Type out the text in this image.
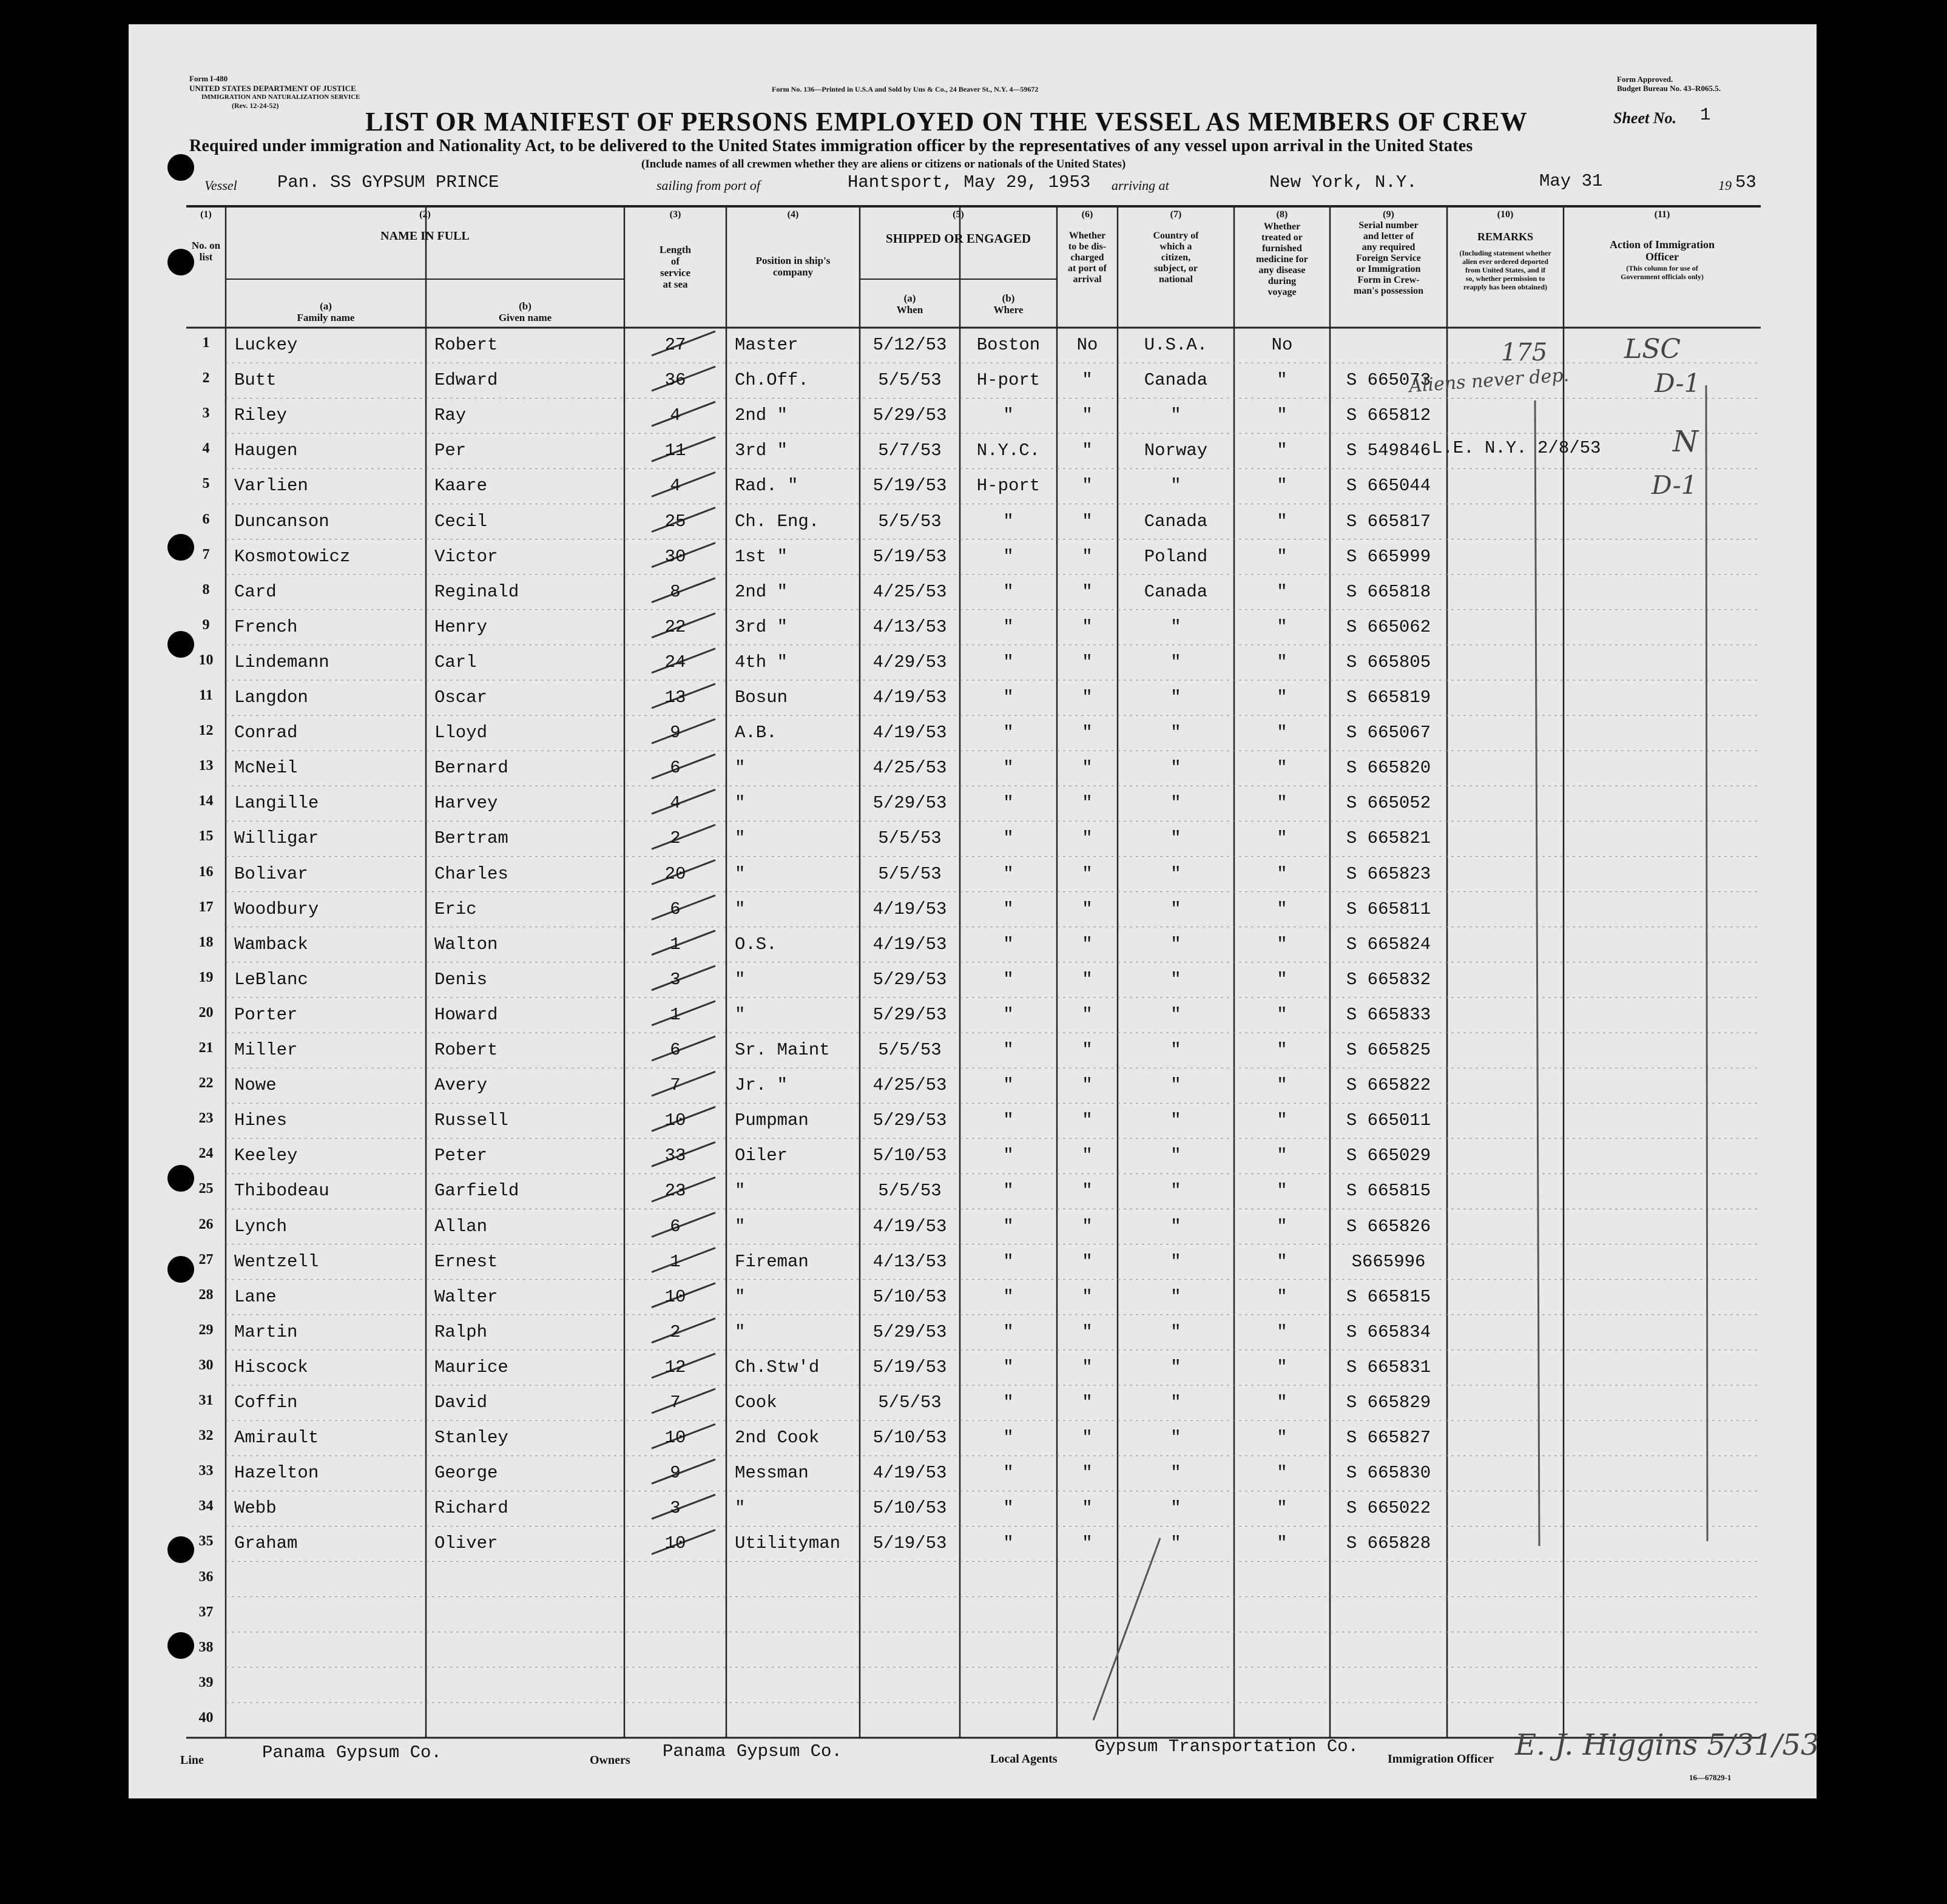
Form I-480
UNITED STATES DEPARTMENT OF JUSTICE
IMMIGRATION AND NATURALIZATION SERVICE
(Rev. 12-24-52)
Form No. 136—Printed in U.S.A and Sold by Uns & Co., 24 Beaver St., N.Y. 4—59672
Form Approved.
Budget Bureau No. 43–R065.5.
LIST OR MANIFEST OF PERSONS EMPLOYED ON THE VESSEL AS MEMBERS OF CREW	Sheet No. 1
Required under immigration and Nationality Act, to be delivered to the United States immigration officer by the representatives of any vessel upon arrival in the United States
(Include names of all crewmen whether they are aliens or citizens or nationals of the United States)
Vessel Pan. SS GYPSUM PRINCE	sailing from port of	Hantsport, May 29, 1953 arriving at	New York, N.Y.	May 31	19 53
(1)
No. on list
(2)
NAME IN FULL
(a)
Family name
(b)
Given name
(3)
Length
of
service
at sea
(4)
Position in ship's
company
(5)
SHIPPED OR ENGAGED
(a)
When
(b)
Where
(6)
Whether
to be dis-
charged
at port of
arrival
(7)
Country of
which a
citizen,
subject, or
national
(8)
Whether
treated or
furnished
medicine for
any disease
during
voyage
(9)
Serial number
and letter of
any required
Foreign Service
or Immigration
Form in Crew-
man's possession
(10)
REMARKS
(Including statement whether
alien ever ordered deported
from United States, and if
so, whether permission to
reapply has been obtained)
(11)
Action of Immigration
Officer
(This column for use of
Government officials only)
1	Luckey	Robert	27	Master	5/12/53	Boston	No	U.S.A.	No
2	Butt	Edward	36	Ch.Off.	5/5/53	H-port	"	Canada	"	S 665073
3	Riley	Ray	4	2nd "	5/29/53	"	"	"	"	S 665812
4	Haugen	Per	11	3rd "	5/7/53	N.Y.C.	"	Norway	"	S 549846
5	Varlien	Kaare	4	Rad. "	5/19/53	H-port	"	"	"	S 665044
6	Duncanson	Cecil	25	Ch. Eng.	5/5/53	"	"	Canada	"	S 665817
7	Kosmotowicz	Victor	30	1st "	5/19/53	"	"	Poland	"	S 665999
8	Card	Reginald	8	2nd "	4/25/53	"	"	Canada	"	S 665818
9	French	Henry	22	3rd "	4/13/53	"	"	"	"	S 665062
10	Lindemann	Carl	24	4th "	4/29/53	"	"	"	"	S 665805
11	Langdon	Oscar	13	Bosun	4/19/53	"	"	"	"	S 665819
12	Conrad	Lloyd	9	A.B.	4/19/53	"	"	"	"	S 665067
13	McNeil	Bernard	6	"	4/25/53	"	"	"	"	S 665820
14	Langille	Harvey	4	"	5/29/53	"	"	"	"	S 665052
15	Willigar	Bertram	2	"	5/5/53	"	"	"	"	S 665821
16	Bolivar	Charles	20	"	5/5/53	"	"	"	"	S 665823
17	Woodbury	Eric	6	"	4/19/53	"	"	"	"	S 665811
18	Wamback	Walton	1	O.S.	4/19/53	"	"	"	"	S 665824
19	LeBlanc	Denis	3	"	5/29/53	"	"	"	"	S 665832
20	Porter	Howard	1	"	5/29/53	"	"	"	"	S 665833
21	Miller	Robert	6	Sr. Maint	5/5/53	"	"	"	"	S 665825
22	Nowe	Avery	7	Jr. "	4/25/53	"	"	"	"	S 665822
23	Hines	Russell	10	Pumpman	5/29/53	"	"	"	"	S 665011
24	Keeley	Peter	33	Oiler	5/10/53	"	"	"	"	S 665029
25	Thibodeau	Garfield	23	"	5/5/53	"	"	"	"	S 665815
26	Lynch	Allan	6	"	4/19/53	"	"	"	"	S 665826
27	Wentzell	Ernest	1	Fireman	4/13/53	"	"	"	"	S665996
28	Lane	Walter	10	"	5/10/53	"	"	"	"	S 665815
29	Martin	Ralph	2	"	5/29/53	"	"	"	"	S 665834
30	Hiscock	Maurice	12	Ch.Stw'd	5/19/53	"	"	"	"	S 665831
31	Coffin	David	7	Cook	5/5/53	"	"	"	"	S 665829
32	Amirault	Stanley	10	2nd Cook	5/10/53	"	"	"	"	S 665827
33	Hazelton	George	9	Messman	4/19/53	"	"	"	"	S 665830
34	Webb	Richard	3	"	5/10/53	"	"	"	"	S 665022
35	Graham	Oliver	10	Utilityman	5/19/53	"	"	"	"	S 665828
36
37
38
39
40
175	LSC
Aliens never dep.	D-1
L.E. N.Y. 2/8/53 N
D-1
Line	Panama Gypsum Co.	Owners Panama Gypsum Co.	Local Agents
Gypsum Transportation Co.
Immigration Officer E. J. Higgins 5/31/53
16—67829-1
